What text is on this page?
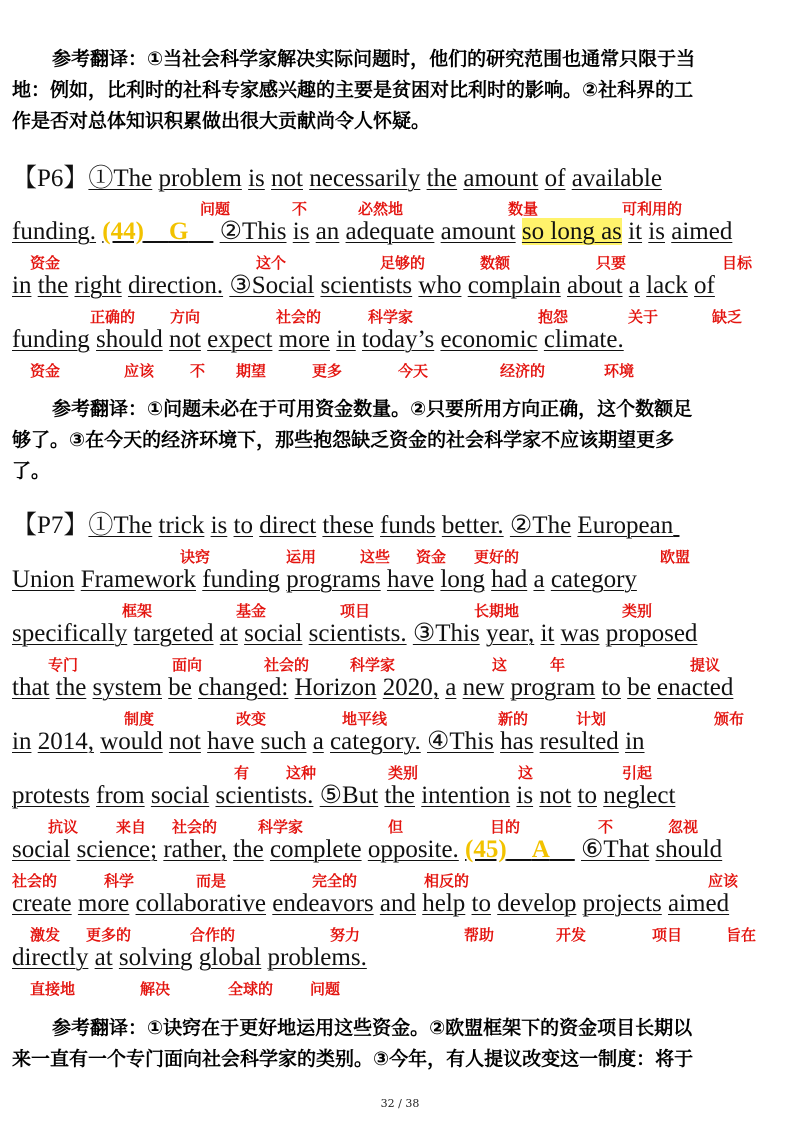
参考翻译：①当社会科学家解决实际问题时，他们的研究范围也通常只限于当

地：例如，比利时的社科专家感兴趣的主要是贫困对比利时的影响。②社科界的工

作是否对总体知识积累做出很大贡献尚令人怀疑。

【P6】①The problem is not necessarily the amount of available
问题	不	必然地	数量	可利用的
funding. (44) G ②This is an adequate amount so long as it is aimed
资金	这个	足够的	数额	只要	目标
in the right direction. ③Social scientists who complain about a lack of
正确的 方向	社会的	科学家	抱怨	关于	缺乏
funding should not expect more in today’s economic climate.
资金	应该 不 期望	更多	今天	经济的	环境

参考翻译：①问题未必在于可用资金数量。②只要所用方向正确，这个数额足

够了。③在今天的经济环境下，那些抱怨缺乏资金的社会科学家不应该期望更多

了。

【P7】①The trick is to direct these funds better. ②The European
诀窍	运用	这些 资金 更好的	欧盟
Union Framework funding programs have long had a category
框架	基金	项目	长期地	类别
specifically targeted at social scientists. ③This year, it was proposed
专门	面向	社会的	科学家	这	年	提议
that the system be changed: Horizon 2020, a new program to be enacted
制度	改变	地平线	新的	计划	颁布
in 2014, would not have such a category. ④This has resulted in
有 这种	类别	这	引起
protests from social scientists. ⑤But the intention is not to neglect
抗议	来自 社会的	科学家	但	目的	不	忽视
social science; rather, the complete opposite. (45) A ⑥That should
社会的	科学	而是	完全的	相反的	应该
create more collaborative endeavors and help to develop projects aimed
激发 更多的	合作的	努力	帮助	开发	项目	旨在
directly at solving global problems.
直接地	解决	全球的 问题

参考翻译：①诀窍在于更好地运用这些资金。②欧盟框架下的资金项目长期以

来一直有一个专门面向社会科学家的类别。③今年，有人提议改变这一制度：将于

32 / 38
